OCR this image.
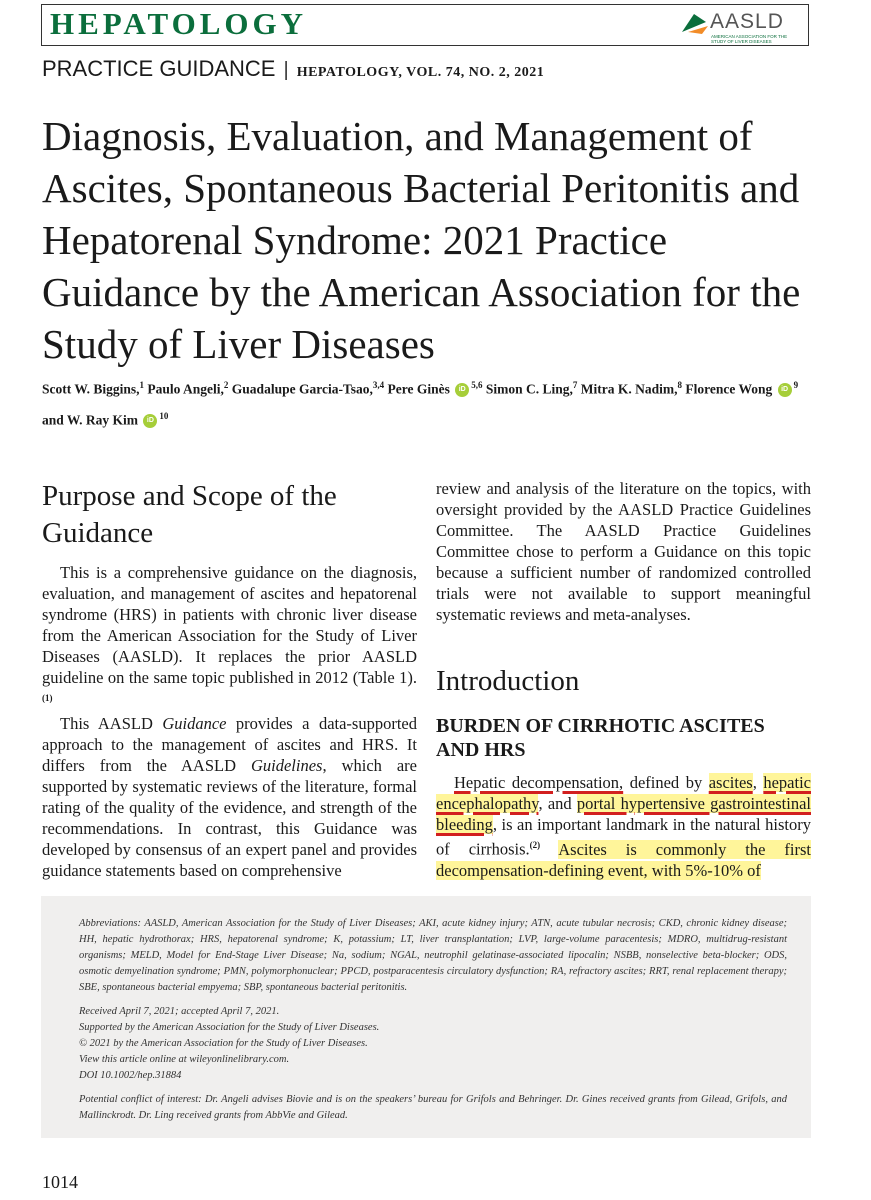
HEPATOLOGY	AASLD
AMERICAN ASSOCIATION FOR THE STUDY OF LIVER DISEASES
PRACTICE GUIDANCE | HEPATOLOGY, VOL. 74, NO. 2, 2021
Diagnosis, Evaluation, and Management of Ascites, Spontaneous Bacterial Peritonitis and Hepatorenal Syndrome: 2021 Practice Guidance by the American Association for the Study of Liver Diseases
Scott W. Biggins,$^1$ Paulo Angeli,$^2$ Guadalupe Garcia-Tsao,$^{3,4}$ Pere Ginès iD $^{5,6}$ Simon C. Ling,$^7$ Mitra K. Nadim,$^8$ Florence Wong iD $^9$
and W. Ray Kim iD $^{10}$
Purpose and Scope of the Guidance

This is a comprehensive guidance on the diagnosis, evaluation, and management of ascites and hepatorenal syndrome (HRS) in patients with chronic liver disease from the American Association for the Study of Liver Diseases (AASLD). It replaces the prior AASLD guideline on the same topic published in 2012 (Table 1).$^{(1)}$

This AASLD Guidance provides a data-supported approach to the management of ascites and HRS. It differs from the AASLD Guidelines, which are supported by systematic reviews of the literature, formal rating of the quality of the evidence, and strength of the recommendations. In contrast, this Guidance was developed by consensus of an expert panel and provides guidance statements based on comprehensive

review and analysis of the literature on the topics, with oversight provided by the AASLD Practice Guidelines Committee. The AASLD Practice Guidelines Committee chose to perform a Guidance on this topic because a sufficient number of randomized controlled trials were not available to support meaningful systematic reviews and meta-analyses.

Introduction
BURDEN OF CIRRHOTIC ASCITES AND HRS

Hepatic decompensation, defined by ascites, hepatic encephalopathy, and portal hypertensive gastrointestinal bleeding, is an important landmark in the natural history of cirrhosis.$^{(2)}$ Ascites is commonly the first decompensation-defining event, with 5%-10% of

Abbreviations: AASLD, American Association for the Study of Liver Diseases; AKI, acute kidney injury; ATN, acute tubular necrosis; CKD, chronic kidney disease; HH, hepatic hydrothorax; HRS, hepatorenal syndrome; K, potassium; LT, liver transplantation; LVP, large-volume paracentesis; MDRO, multidrug-resistant organisms; MELD, Model for End-Stage Liver Disease; Na, sodium; NGAL, neutrophil gelatinase-associated lipocalin; NSBB, nonselective beta-blocker; ODS, osmotic demyelination syndrome; PMN, polymorphonuclear; PPCD, postparacentesis circulatory dysfunction; RA, refractory ascites; RRT, renal replacement therapy; SBE, spontaneous bacterial empyema; SBP, spontaneous bacterial peritonitis.

Received April 7, 2021; accepted April 7, 2021.
Supported by the American Association for the Study of Liver Diseases.
© 2021 by the American Association for the Study of Liver Diseases.
View this article online at wileyonlinelibrary.com.
DOI 10.1002/hep.31884

Potential conflict of interest: Dr. Angeli advises Biovie and is on the speakers’ bureau for Grifols and Behringer. Dr. Gines received grants from Gilead, Grifols, and Mallinckrodt. Dr. Ling received grants from AbbVie and Gilead.

1014
